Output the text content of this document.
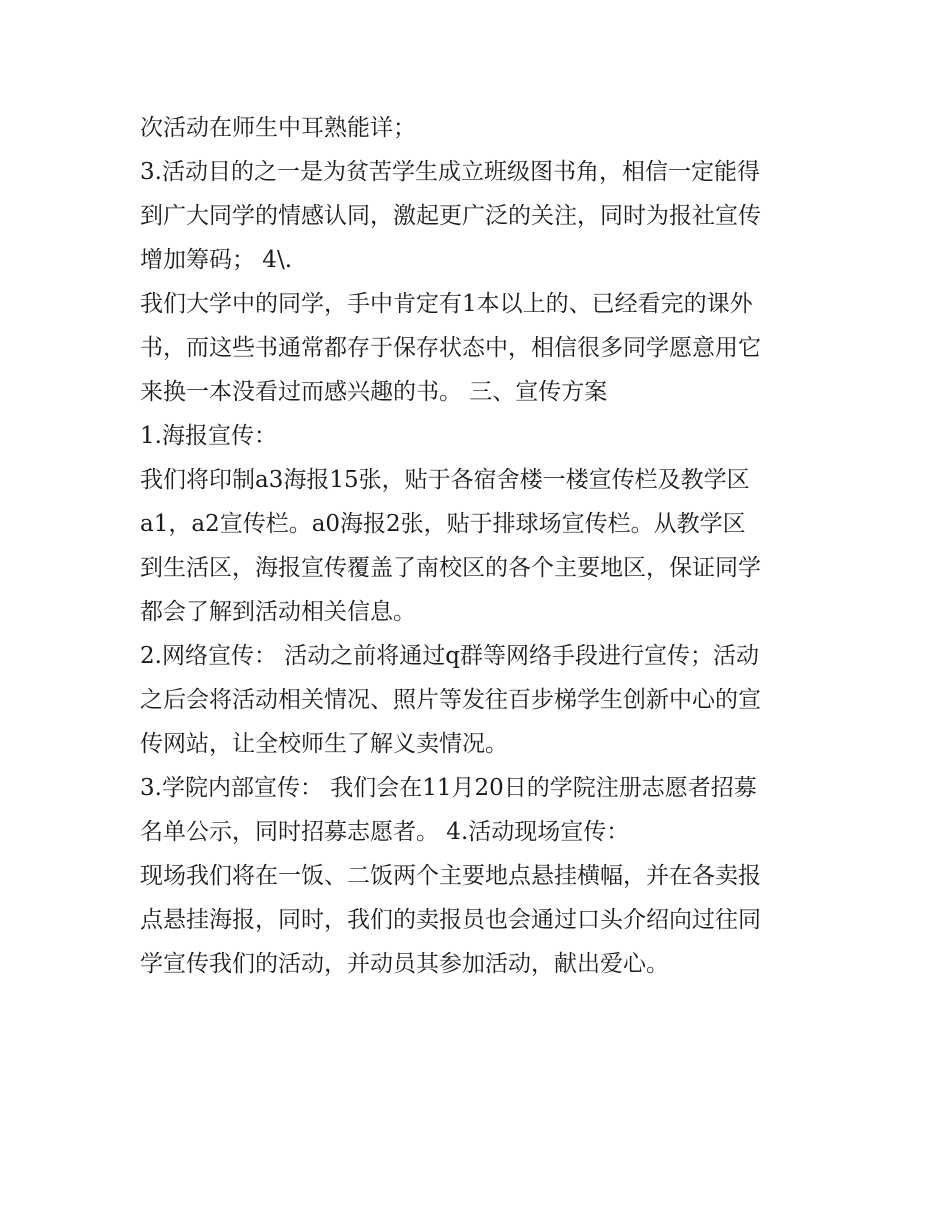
次活动在师生中耳熟能详；
3.活动目的之一是为贫苦学生成立班级图书角，相信一定能得
到广大同学的情感认同，激起更广泛的关注，同时为报社宣传
增加筹码； 4\.
我们大学中的同学，手中肯定有1本以上的、已经看完的课外
书，而这些书通常都存于保存状态中，相信很多同学愿意用它
来换一本没看过而感兴趣的书。 三、宣传方案
1.海报宣传：
我们将印制a3海报15张，贴于各宿舍楼一楼宣传栏及教学区
a1，a2宣传栏。a0海报2张，贴于排球场宣传栏。从教学区
到生活区，海报宣传覆盖了南校区的各个主要地区，保证同学
都会了解到活动相关信息。
2.网络宣传： 活动之前将通过q群等网络手段进行宣传；活动
之后会将活动相关情况、照片等发往百步梯学生创新中心的宣
传网站，让全校师生了解义卖情况。
3.学院内部宣传： 我们会在11月20日的学院注册志愿者招募
名单公示，同时招募志愿者。 4.活动现场宣传：
现场我们将在一饭、二饭两个主要地点悬挂横幅，并在各卖报
点悬挂海报，同时，我们的卖报员也会通过口头介绍向过往同
学宣传我们的活动，并动员其参加活动，献出爱心。
